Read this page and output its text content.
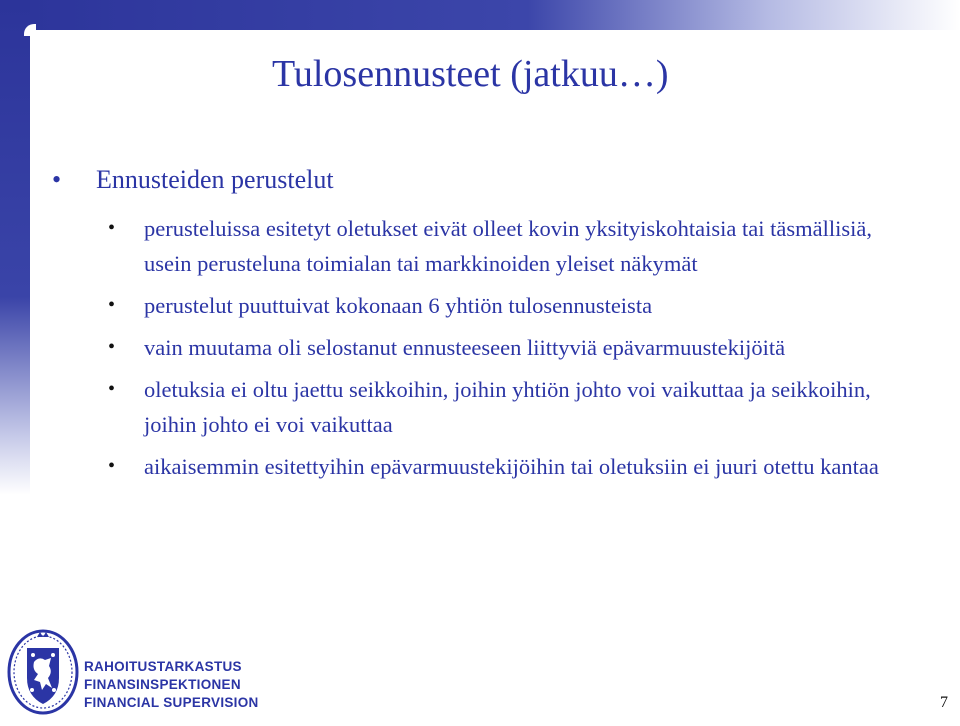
Tulosennusteet (jatkuu…)
• Ennusteiden perustelut
• perusteluissa esitetyt oletukset eivät olleet kovin yksityiskohtaisia tai täsmällisiä, usein perusteluna toimialan tai markkinoiden yleiset näkymät
• perustelut puuttuivat kokonaan 6 yhtiön tulosennusteista
• vain muutama oli selostanut ennusteeseen liittyviä epävarmuustekijöitä
• oletuksia ei oltu jaettu seikkoihin, joihin yhtiön johto voi vaikuttaa ja seikkoihin, joihin johto ei voi vaikuttaa
• aikaisemmin esitettyihin epävarmuustekijöihin tai oletuksiin ei juuri otettu kantaa
RAHOITUSTARKASTUS
FINANSINSPEKTIONEN
FINANCIAL SUPERVISION	7
